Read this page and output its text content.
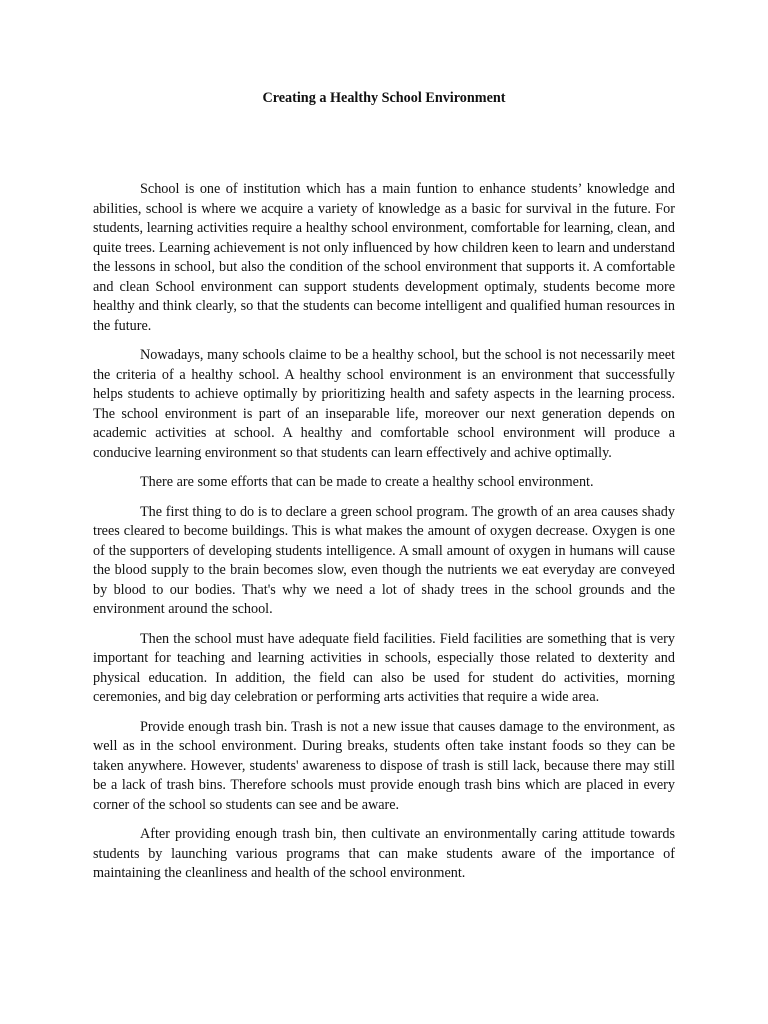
Creating a Healthy School Environment

School is one of institution which has a main funtion to enhance students’ knowledge and abilities, school is where we acquire a variety of knowledge as a basic for survival in the future. For students, learning activities require a healthy school environment, comfortable for learning, clean, and quite trees. Learning achievement is not only influenced by how children keen to learn and understand the lessons in school, but also the condition of the school environment that supports it. A comfortable and clean School environment can support students development optimaly, students become more healthy and think clearly, so that the students can become intelligent and qualified human resources in the future.

Nowadays, many schools claime to be a healthy school, but the school is not necessarily meet the criteria of a healthy school. A healthy school environment is an environment that successfully helps students to achieve optimally by prioritizing health and safety aspects in the learning process. The school environment is part of an inseparable life, moreover our next generation depends on academic activities at school. A healthy and comfortable school environment will produce a conducive learning environment so that students can learn effectively and achive optimally.

There are some efforts that can be made to create a healthy school environment.

The first thing to do is to declare a green school program. The growth of an area causes shady trees cleared to become buildings. This is what makes the amount of oxygen decrease. Oxygen is one of the supporters of developing students intelligence. A small amount of oxygen in humans will cause the blood supply to the brain becomes slow, even though the nutrients we eat everyday are conveyed by blood to our bodies. That's why we need a lot of shady trees in the school grounds and the environment around the school.

Then the school must have adequate field facilities. Field facilities are something that is very important for teaching and learning activities in schools, especially those related to dexterity and physical education. In addition, the field can also be used for student do activities, morning ceremonies, and big day celebration or performing arts activities that require a wide area.

Provide enough trash bin. Trash is not a new issue that causes damage to the environment, as well as in the school environment. During breaks, students often take instant foods so they can be taken anywhere. However, students' awareness to dispose of trash is still lack, because there may still be a lack of trash bins. Therefore schools must provide enough trash bins which are placed in every corner of the school so students can see and be aware.

After providing enough trash bin, then cultivate an environmentally caring attitude towards students by launching various programs that can make students aware of the importance of maintaining the cleanliness and health of the school environment.
